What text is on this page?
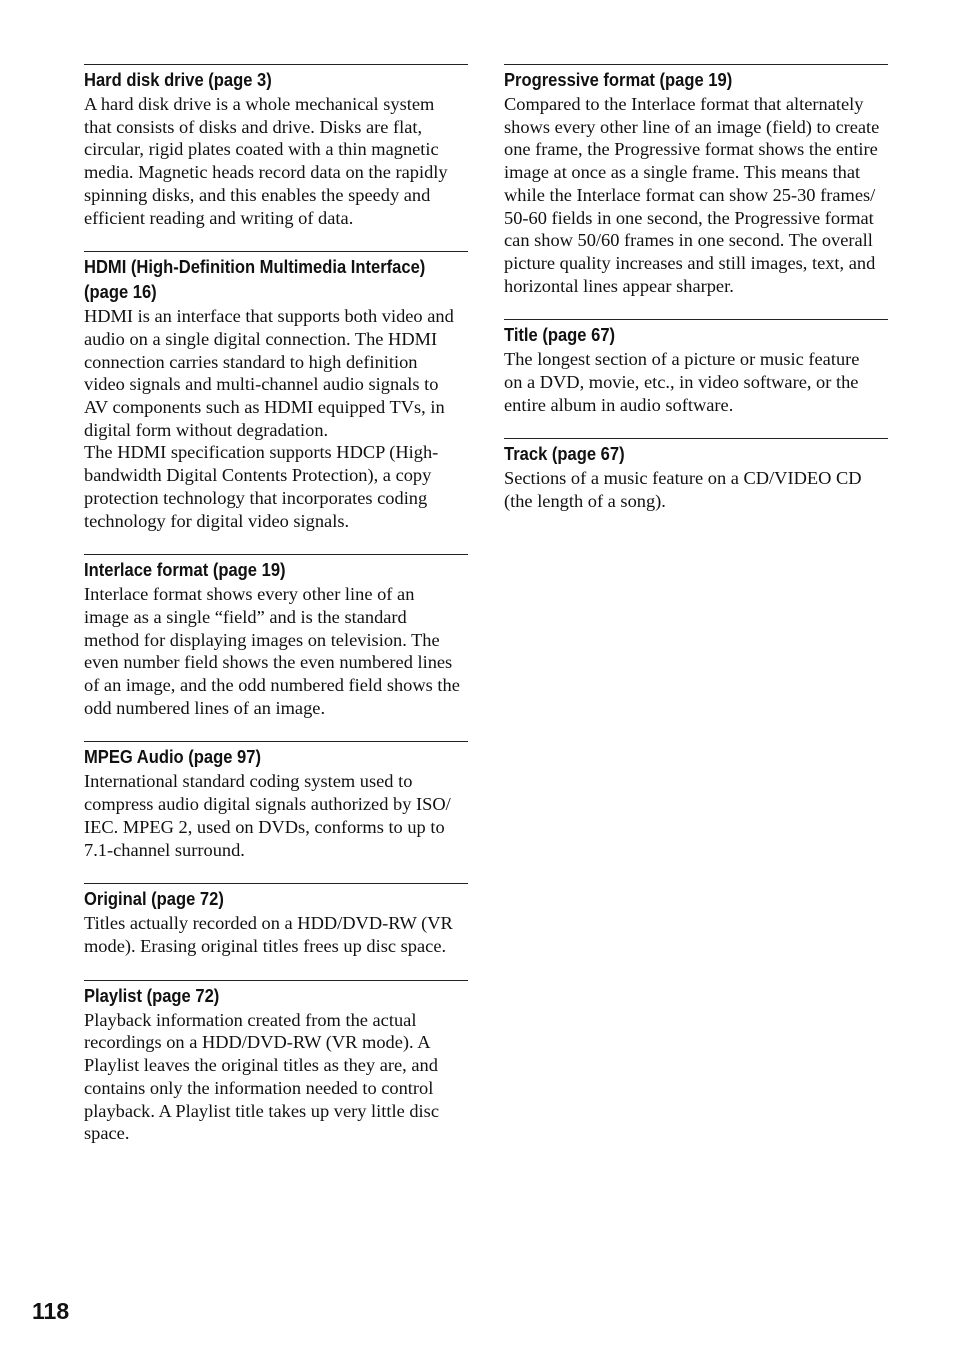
Hard disk drive (page 3)

A hard disk drive is a whole mechanical system
that consists of disks and drive. Disks are flat,
circular, rigid plates coated with a thin magnetic
media. Magnetic heads record data on the rapidly
spinning disks, and this enables the speedy and
efficient reading and writing of data.

HDMI (High-Definition Multimedia Interface)
(page 16)

HDMI is an interface that supports both video and
audio on a single digital connection. The HDMI
connection carries standard to high definition
video signals and multi-channel audio signals to
AV components such as HDMI equipped TVs, in
digital form without degradation.
The HDMI specification supports HDCP (High-
bandwidth Digital Contents Protection), a copy
protection technology that incorporates coding
technology for digital video signals.

Interlace format (page 19)

Interlace format shows every other line of an
image as a single “field” and is the standard
method for displaying images on television. The
even number field shows the even numbered lines
of an image, and the odd numbered field shows the
odd numbered lines of an image.

MPEG Audio (page 97)

International standard coding system used to
compress audio digital signals authorized by ISO/
IEC. MPEG 2, used on DVDs, conforms to up to
7.1-channel surround.

Original (page 72)

Titles actually recorded on a HDD/DVD-RW (VR
mode). Erasing original titles frees up disc space.

Playlist (page 72)

Playback information created from the actual
recordings on a HDD/DVD-RW (VR mode). A
Playlist leaves the original titles as they are, and
contains only the information needed to control
playback. A Playlist title takes up very little disc
space.

Progressive format (page 19)

Compared to the Interlace format that alternately
shows every other line of an image (field) to create
one frame, the Progressive format shows the entire
image at once as a single frame. This means that
while the Interlace format can show 25-30 frames/
50-60 fields in one second, the Progressive format
can show 50/60 frames in one second. The overall
picture quality increases and still images, text, and
horizontal lines appear sharper.

Title (page 67)

The longest section of a picture or music feature
on a DVD, movie, etc., in video software, or the
entire album in audio software.

Track (page 67)

Sections of a music feature on a CD/VIDEO CD
(the length of a song).

118
